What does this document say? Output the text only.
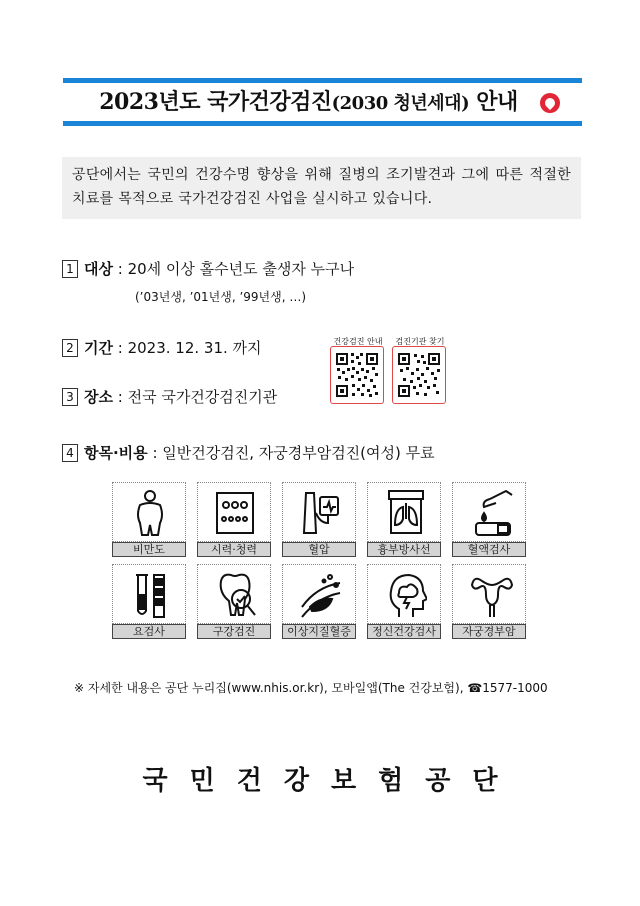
2023년도 국가건강검진(2030 청년세대) 안내
공단에서는 국민의 건강수명 향상을 위해 질병의 조기발견과 그에 따른 적절한 치료를 목적으로 국가건강검진 사업을 실시하고 있습니다.
1 대상 : 20세 이상 홀수년도 출생자 누구나
(’03년생, ’01년생, ’99년생, …)
2 기간 : 2023. 12. 31. 까지	건강검진 안내	검진기관 찾기
3 장소 : 전국 국가건강검진기관
4 항목·비용 : 일반건강검진, 자궁경부암검진(여성) 무료
비만도	시력·청력	혈압	흉부방사선	혈액검사
요검사	구강검진	이상지질혈증	정신건강검사	자궁경부암
※ 자세한 내용은 공단 누리집(www.nhis.or.kr), 모바일앱(The 건강보험), ☎1577-1000
국민건강보험공단
